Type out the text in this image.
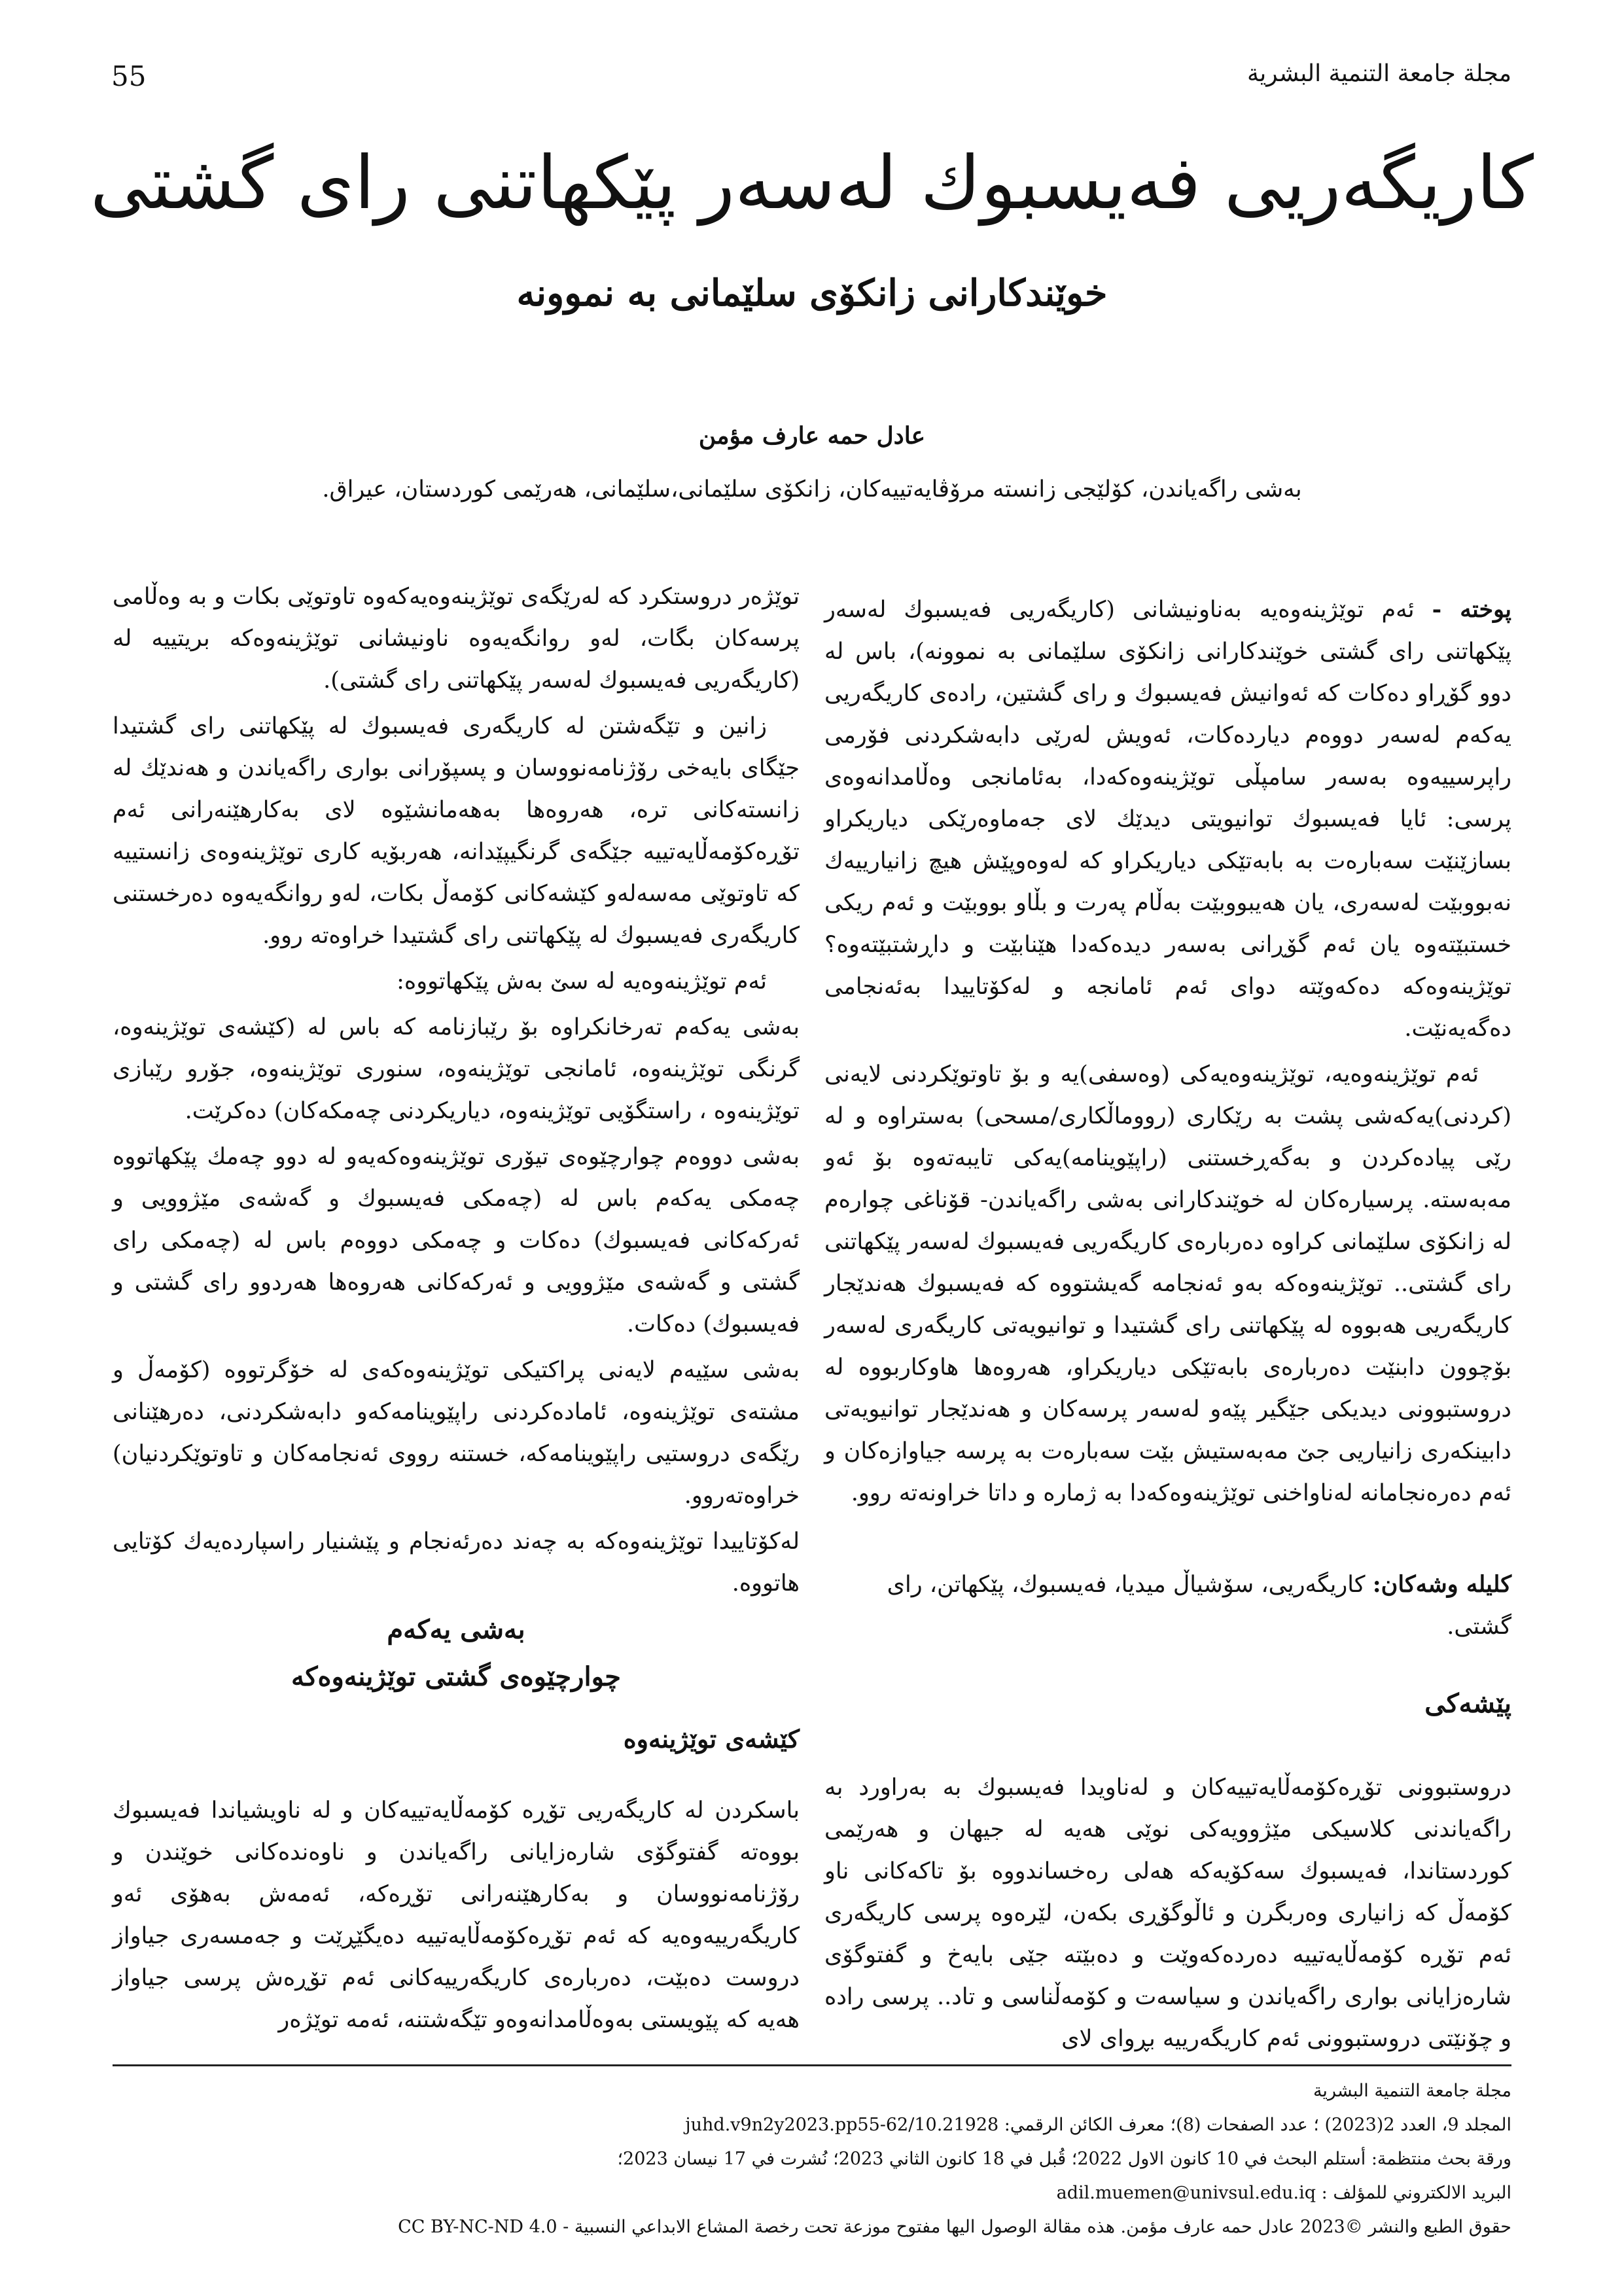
55	مجلة جامعة التنمية البشرية
كاریگەریی فەیسبوك لەسەر پێکهاتنی رای گشتی
خوێندکارانی زانكۆی سلێمانی بە نموونە
عادل حمە عارف مؤمن
بەشی راگەیاندن، کۆلێجی زانستە مرۆڤایەتییەکان، زانکۆی سلێمانی،سلێمانی، هەرێمی کوردستان، عیراق.

پوختە - ئەم توێژینەوەیە بەناونیشانی (کاریگەریی فەیسبوك لەسەر پێکهاتنی رای گشتی خوێندکارانی زانکۆی سلێمانی بە نموونە)، باس لە دوو گۆڕاو دەکات کە ئەوانیش فەیسبوك و رای گشتین، رادەی کاریگەریی یەکەم لەسەر دووەم دیاردەکات، ئەویش لەرێی دابەشکردنی فۆرمی راپرسییەوە بەسەر سامپڵی توێژینەوەکەدا، بەئامانجی وەڵامدانەوەی پرسی: ئایا فەیسبوك توانیویتی دیدێك لای جەماوەرێکی دیاریکراو بسازێنێت سەبارەت بە بابەتێکی دیاریکراو کە لەوەوپێش هیچ زانیارییەك نەبووبێت لەسەری، یان هەیبووبێت بەڵام پەرت و بڵاو بووبێت و ئەم ریکی خستبێتەوە یان ئەم گۆڕانی بەسەر دیدەکەدا هێنابێت و داڕشتبێتەوە؟ توێژینەوەکە دەکەوێتە دوای ئەم ئامانجە و لەکۆتاییدا بەئەنجامی دەگەیەنێت.

ئەم توێژینەوەیە، توێژینەوەیەکی (وەسفی)یە و بۆ تاوتوێکردنی لایەنی (کردنی)یەکەشی پشت بە رێکاری (رووماڵکاری/مسحی) بەستراوە و لە رێی پیادەکردن و بەگەڕخستنی (راپێوینامە)یەکی تایبەتەوە بۆ ئەو مەبەستە. پرسیارەکان لە خوێندکارانی بەشی راگەیاندن- قۆناغی چوارەم لە زانکۆی سلێمانی کراوە دەربارەی کاریگەریی فەیسبوك لەسەر پێکهاتنی رای گشتی.. توێژینەوەکە بەو ئەنجامە گەیشتووە کە فەیسبوك هەندێجار کاریگەریی هەبووە لە پێکهاتنی رای گشتیدا و توانیویەتی کاریگەری لەسەر بۆچوون دابنێت دەربارەی بابەتێکی دیاریکراو، هەروەها هاوکاربووە لە دروستبوونی دیدیکی جێگیر پێەو لەسەر پرسەکان و هەندێجار توانیویەتی دابینکەری زانیاریی جێ مەبەستیش بێت سەبارەت بە پرسە جیاوازەکان و ئەم دەرەنجامانە لەناواخنی توێژینەوەکەدا بە ژمارە و داتا خراونەتە روو.

کلیلە وشەکان: کاریگەریی، سۆشیاڵ میدیا، فەیسبوك، پێکهاتن، رای گشتی.
پێشەکی
دروستبوونی تۆڕەکۆمەڵایەتییەکان و لەناویدا فەیسبوك بە بەراورد بە راگەیاندنی کلاسیکی مێژوویەکی نوێی هەیە لە جیهان و هەرێمی کوردستاندا، فەیسبوك سەکۆیەکە هەلی رەخساندووە بۆ تاکەکانی ناو کۆمەڵ کە زانیاری وەربگرن و ئاڵوگۆڕی بکەن، لێرەوە پرسی کاریگەری ئەم تۆڕە کۆمەڵایەتییە دەردەکەوێت و دەبێتە جێی بایەخ و گفتوگۆی شارەزایانی بواری راگەیاندن و سیاسەت و کۆمەڵناسی و تاد.. پرسی رادە و چۆنێتی دروستبوونی ئەم کاریگەرییە بڕوای لای

توێژەر دروستکرد کە لەرێگەی توێژینەوەیەکەوە تاوتوێی بکات و بە وەڵامی پرسەکان بگات، لەو روانگەیەوە ناونیشانی توێژینەوەکە بریتییە لە (کاریگەریی فەیسبوك لەسەر پێکهاتنی رای گشتی).

زانین و تێگەشتن لە کاریگەری فەیسبوك لە پێکهاتنی رای گشتیدا جێگای بایەخی رۆژنامەنووسان و پسپۆرانی بواری راگەیاندن و هەندێك لە زانستەکانی ترە، هەروەها بەهەمانشێوە لای بەکارهێنەرانی ئەم تۆڕەکۆمەڵایەتییە جێگەی گرنگیپێدانە، هەربۆیە کاری توێژینەوەی زانستییە کە تاوتوێی مەسەلەو کێشەکانی کۆمەڵ بکات، لەو روانگەیەوە دەرخستنی کاریگەری فەیسبوك لە پێکهاتنی رای گشتیدا خراوەتە روو.

ئەم توێژینەوەیە لە سێ بەش پێکهاتووە:

بەشی یەکەم تەرخانکراوە بۆ رێبازنامە کە باس لە (کێشەی توێژینەوە، گرنگی توێژینەوە، ئامانجی توێژینەوە، سنوری توێژینەوە، جۆرو رێبازی توێژینەوە ، راستگۆیی توێژینەوە، دیاریکردنی چەمکەکان) دەکرێت.

بەشی دووەم چوارچێوەی تیۆری توێژینەوەکەیەو لە دوو چەمك پێکهاتووە چەمکی یەکەم باس لە (چەمکی فەیسبوك و گەشەی مێژوویی و ئەرکەکانی فەیسبوك) دەکات و چەمکی دووەم باس لە (چەمکی رای گشتی و گەشەی مێژوویی و ئەرکەکانی هەروەها هەردوو رای گشتی و فەیسبوك) دەکات.

بەشی سێیەم لایەنی پراکتیکی توێژینەوەکەی لە خۆگرتووە (کۆمەڵ و مشتەی توێژینەوە، ئامادەکردنی راپێوینامەکەو دابەشکردنی، دەرهێنانی رێگەی دروستیی راپێوینامەکە، خستنە رووی ئەنجامەکان و تاوتوێکردنیان) خراوەتەروو.

لەکۆتاییدا توێژینەوەکە بە چەند دەرئەنجام و پێشنیار راسپاردەیەك کۆتایی هاتووە.

بەشی یەکەم
چوارچێوەی گشتی توێژینەوەکە
کێشەی توێژینەوە
باسکردن لە کاریگەریی تۆڕە کۆمەڵایەتییەکان و لە ناویشیاندا فەیسبوك بووەتە گفتوگۆی شارەزایانی راگەیاندن و ناوەندەکانی خوێندن و رۆژنامەنووسان و بەکارهێنەرانی تۆڕەکە، ئەمەش بەهۆی ئەو کاریگەرییەوەیە کە ئەم تۆڕەکۆمەڵایەتییە دەیگێڕێت و جەمسەری جیاواز دروست دەبێت، دەربارەی کاریگەرییەکانی ئەم تۆڕەش پرسی جیاواز هەیە کە پێویستی بەوەڵامدانەوەو تێگەشتنە، ئەمە توێژەر
مجلة جامعة التنمية البشرية
المجلد 9، العدد 2(2023) ؛ عدد الصفحات (8)؛ معرف الكائن الرقمي: 10.21928/juhd.v9n2y2023.pp55-62
ورقة بحث منتظمة: أستلم البحث في 10 كانون الاول 2022؛ قُبل في 18 كانون الثاني 2023؛ نُشرت في 17 نيسان 2023؛
البريد الالكتروني للمؤلف : adil.muemen@univsul.edu.iq
حقوق الطبع والنشر ©2023 عادل حمە عارف مؤمن. هذه مقالة الوصول اليها مفتوح موزعة تحت رخصة المشاع الابداعي النسبية - CC BY-NC-ND 4.0
